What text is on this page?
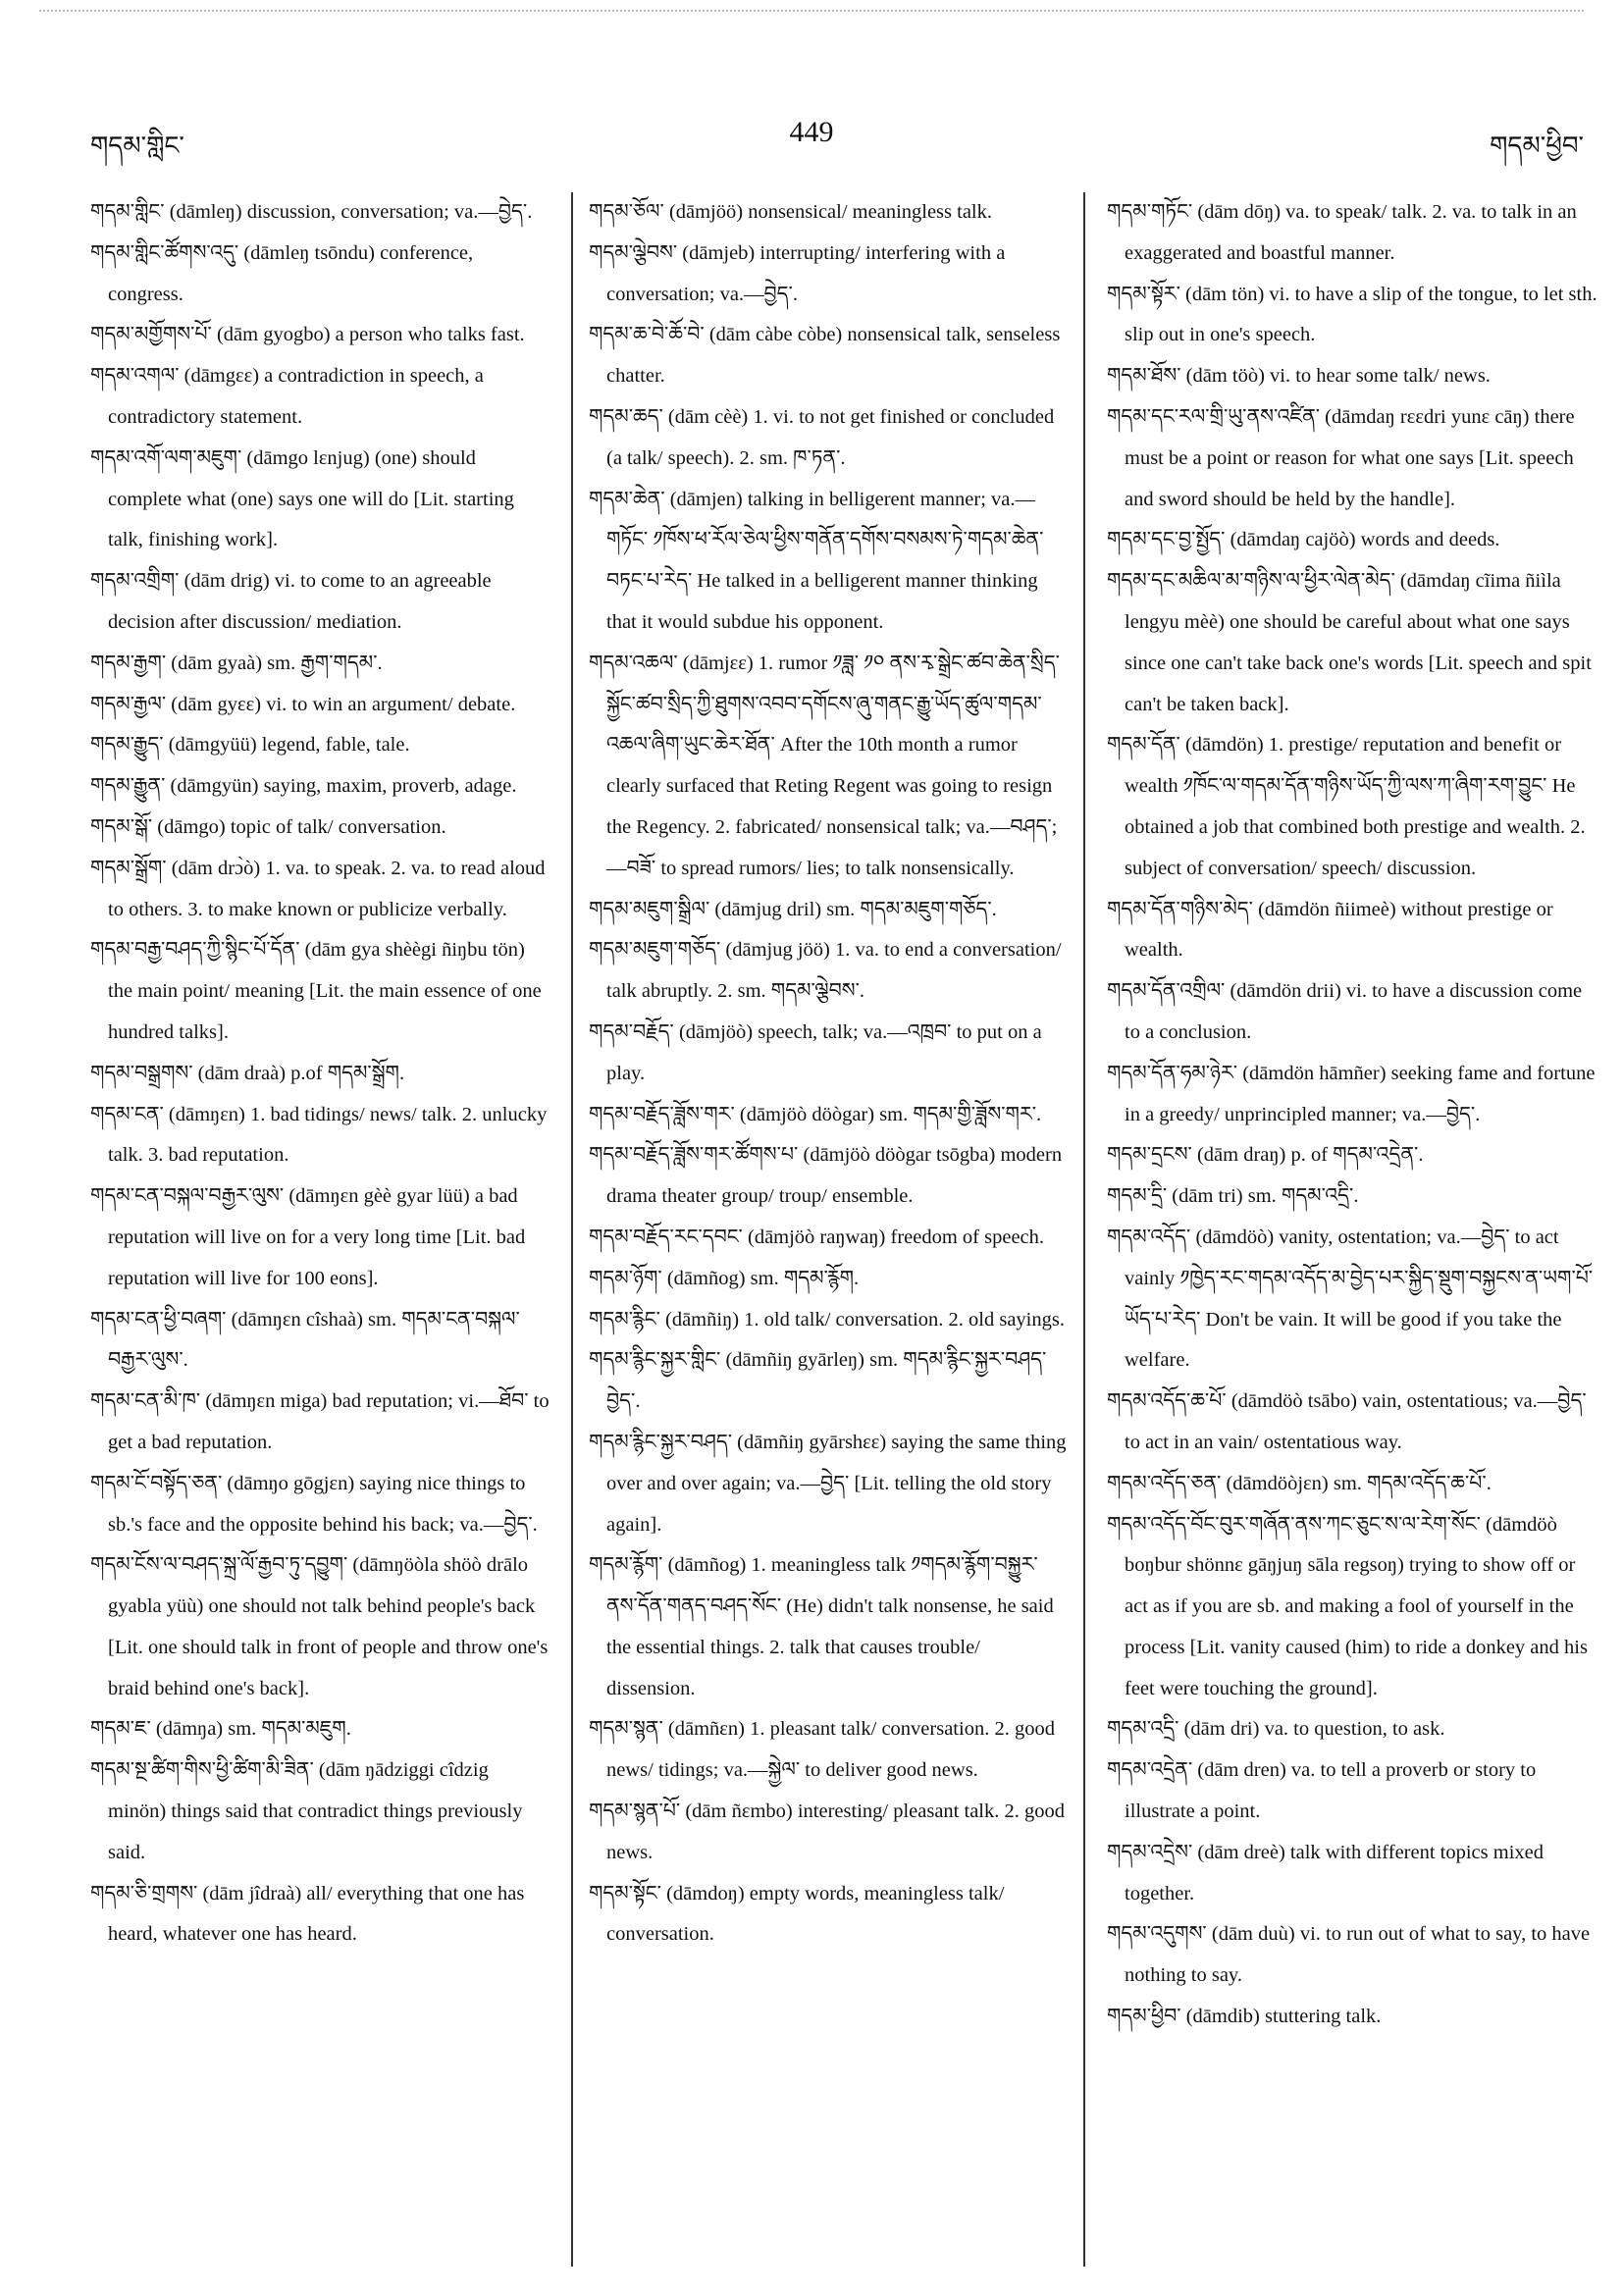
གདམ་གླིང་	449	གདམ་ཕྱིབ་

གདམ་གླིང་ (dāmleŋ) discussion, conversation; va.—བྱེད་.

གདམ་གླིང་ཚོགས་འདུ་ (dāmleŋ tsōndu) conference, congress.

གདམ་མགྱོགས་པོ་ (dām gyogbo) a person who talks fast.

གདམ་འགལ་ (dāmgεε) a contradiction in speech, a contradictory statement.

གདམ་འགོ་ལག་མཇུག་ (dāmgo lεnjug) (one) should complete what (one) says one will do [Lit. starting talk, finishing work].

གདམ་འགྲིག་ (dām drig) vi. to come to an agreeable decision after discussion/ mediation.

གདམ་རྒྱག་ (dām gyaà) sm. རྒྱག་གདམ་.

གདམ་རྒྱལ་ (dām gyεε) vi. to win an argument/ debate.

གདམ་རྒྱུད་ (dāmgyüü) legend, fable, tale.

གདམ་རྒྱུན་ (dāmgyün) saying, maxim, proverb, adage.

གདམ་སྒོ་ (dāmgo) topic of talk/ conversation.

གདམ་སྒྲོག་ (dām drɔ̀ò) 1. va. to speak. 2. va. to read aloud to others. 3. to make known or publicize verbally.

གདམ་བརྒྱ་བཤད་ཀྱི་སྙིང་པོ་དོན་ (dām gya shèègi ñiŋbu tön) the main point/ meaning [Lit. the main essence of one hundred talks].

གདམ་བསྒྲགས་ (dām draà) p.of གདམ་སྒྲོག.

གདམ་ངན་ (dāmŋεn) 1. bad tidings/ news/ talk. 2. unlucky talk. 3. bad reputation.

གདམ་ངན་བསྐལ་བརྒྱར་ལུས་ (dāmŋεn gèè gyar lüü) a bad reputation will live on for a very long time [Lit. bad reputation will live for 100 eons].

གདམ་ངན་ཕྱི་བཞག་ (dāmŋεn cîshaà) sm. གདམ་ངན་བསྐལ་བརྒྱར་ལུས་.

གདམ་ངན་མི་ཁ་ (dāmŋεn miga) bad reputation; vi.—ཐོབ་ to get a bad reputation.

གདམ་ངོ་བསྟོད་ཅན་ (dāmŋo gōgjεn) saying nice things to sb.'s face and the opposite behind his back; va.—བྱེད་.

གདམ་ངོས་ལ་བཤད་སྐྲ་ལོ་རྒྱབ་ཏུ་དབྱུག་ (dāmŋöòla shöò drālo gyabla yüù) one should not talk behind people's back [Lit. one should talk in front of people and throw one's braid behind one's back].

གདམ་ཇ་ (dāmŋa) sm. གདམ་མཇུག.

གདམ་སྔ་ཚིག་གིས་ཕྱི་ཚིག་མི་ཟིན་ (dām ŋādziggi cîdzig minön) things said that contradict things previously said.

གདམ་ཅི་གྲགས་ (dām jîdraà) all/ everything that one has heard, whatever one has heard.

གདམ་ཅོལ་ (dāmjöö) nonsensical/ meaningless talk.

གདམ་ལྕེབས་ (dāmjeb) interrupting/ interfering with a conversation; va.—བྱེད་.

གདམ་ཆ་བེ་ཆོ་བེ་ (dām càbe còbe) nonsensical talk, senseless chatter.

གདམ་ཆད་ (dām cèè) 1. vi. to not get finished or concluded (a talk/ speech). 2. sm. ཁ་ཏན་.

གདམ་ཆེན་ (dāmjen) talking in belligerent manner; va.—གཏོང་ ༡ཁོས་ཕ་རོལ་ཅེལ་ཕྱིས་གནོན་དགོས་བསམས་ཏེ་གདམ་ཆེན་བཏང་པ་རེད་ He talked in a belligerent manner thinking that it would subdue his opponent.

གདམ་འཆལ་ (dāmjεε) 1. rumor ༡ཟླ་ ༡༠ ནས་རྭ་སྒྲེང་ཚབ་ཆེན་སྲིད་སྐྱོང་ཚབ་སྲིད་ཀྱི་ཐུགས་འབབ་དགོངས་ཞུ་གནང་རྒྱུ་ཡོད་ཚུལ་གདམ་འཆལ་ཞིག་ཡུང་ཆེར་ཐོན་ After the 10th month a rumor clearly surfaced that Reting Regent was going to resign the Regency. 2. fabricated/ nonsensical talk; va.—བཤད་; —བཟོ་ to spread rumors/ lies; to talk nonsensically.

གདམ་མཇུག་སྒྲིལ་ (dāmjug dril) sm. གདམ་མཇུག་གཅོད་.

གདམ་མཇུག་གཅོད་ (dāmjug jöö) 1. va. to end a conversation/ talk abruptly. 2. sm. གདམ་ལྕེབས་.

གདམ་བརྗོད་ (dāmjöò) speech, talk; va.—འཁྲབ་ to put on a play.

གདམ་བརྗོད་ཟློས་གར་ (dāmjöò döògar) sm. གདམ་གྱི་ཟློས་གར་.

གདམ་བརྗོད་ཟློས་གར་ཚོགས་པ་ (dāmjöò döògar tsōgba) modern drama theater group/ troup/ ensemble.

གདམ་བརྗོད་རང་དབང་ (dāmjöò raŋwaŋ) freedom of speech.

གདམ་ཉོག་ (dāmñog) sm. གདམ་རྙོག.

གདམ་རྙིང་ (dāmñiŋ) 1. old talk/ conversation. 2. old sayings.

གདམ་རྙིང་སྐྱར་གླིང་ (dāmñiŋ gyārleŋ) sm. གདམ་རྙིང་སྐྱར་བཤད་བྱེད་.

གདམ་རྙིང་སྐྱར་བཤད་ (dāmñiŋ gyārshεε) saying the same thing over and over again; va.—བྱེད་ [Lit. telling the old story again].

གདམ་རྙོག་ (dāmñog) 1. meaningless talk ༡གདམ་རྙོག་བསྐྱུར་ནས་དོན་གནད་བཤད་སོང་ (He) didn't talk nonsense, he said the essential things. 2. talk that causes trouble/ dissension.

གདམ་སྙན་ (dāmñεn) 1. pleasant talk/ conversation. 2. good news/ tidings; va.—སྐྱེལ་ to deliver good news.

གདམ་སྙན་པོ་ (dām ñεmbo) interesting/ pleasant talk. 2. good news.

གདམ་སྟོང་ (dāmdoŋ) empty words, meaningless talk/ conversation.

གདམ་གཏོང་ (dām dōŋ) va. to speak/ talk. 2. va. to talk in an exaggerated and boastful manner.

གདམ་སྟོར་ (dām tön) vi. to have a slip of the tongue, to let sth. slip out in one's speech.

གདམ་ཐོས་ (dām töò) vi. to hear some talk/ news.

གདམ་དང་རལ་གྲི་ཡུ་ནས་འཛིན་ (dāmdaŋ rεεdri yunε cāŋ) there must be a point or reason for what one says [Lit. speech and sword should be held by the handle].

གདམ་དང་བྱ་སྤྱོད་ (dāmdaŋ cajöò) words and deeds.

གདམ་དང་མཆིལ་མ་གཉིས་ལ་ཕྱིར་ལེན་མེད་ (dāmdaŋ cĩima ñiìla lengyu mèè) one should be careful about what one says since one can't take back one's words [Lit. speech and spit can't be taken back].

གདམ་དོན་ (dāmdön) 1. prestige/ reputation and benefit or wealth ༡ཁོང་ལ་གདམ་དོན་གཉིས་ཡོད་ཀྱི་ལས་ཀ་ཞིག་རག་བྱུང་ He obtained a job that combined both prestige and wealth. 2. subject of conversation/ speech/ discussion.

གདམ་དོན་གཉིས་མེད་ (dāmdön ñiimeè) without prestige or wealth.

གདམ་དོན་འགྲིལ་ (dāmdön drii) vi. to have a discussion come to a conclusion.

གདམ་དོན་ཧམ་ཉེར་ (dāmdön hāmñer) seeking fame and fortune in a greedy/ unprincipled manner; va.—བྱེད་.

གདམ་དྲངས་ (dām draŋ) p. of གདམ་འདྲེན་.

གདམ་དྲི་ (dām tri) sm. གདམ་འདྲི་.

གདམ་འདོད་ (dāmdöò) vanity, ostentation; va.—བྱེད་ to act vainly ༡ཁྱེད་རང་གདམ་འདོད་མ་བྱེད་པར་སྐྱིད་སྡུག་བསྐྱངས་ན་ཡག་པོ་ཡོད་པ་རེད་ Don't be vain. It will be good if you take the welfare.

གདམ་འདོད་ཆ་པོ་ (dāmdöò tsābo) vain, ostentatious; va.—བྱེད་ to act in an vain/ ostentatious way.

གདམ་འདོད་ཅན་ (dāmdöòjεn) sm. གདམ་འདོད་ཆ་པོ་.

གདམ་འདོད་བོང་བུར་གཞོན་ནས་ཀང་ཅུང་ས་ལ་རེག་སོང་ (dāmdöò boŋbur shönnε gāŋjuŋ sāla regsoŋ) trying to show off or act as if you are sb. and making a fool of yourself in the process [Lit. vanity caused (him) to ride a donkey and his feet were touching the ground].

གདམ་འདྲི་ (dām dri) va. to question, to ask.

གདམ་འདྲེན་ (dām dren) va. to tell a proverb or story to illustrate a point.

གདམ་འདྲེས་ (dām dreè) talk with different topics mixed together.

གདམ་འདུགས་ (dām duù) vi. to run out of what to say, to have nothing to say.

གདམ་ཕྱིབ་ (dāmdib) stuttering talk.
